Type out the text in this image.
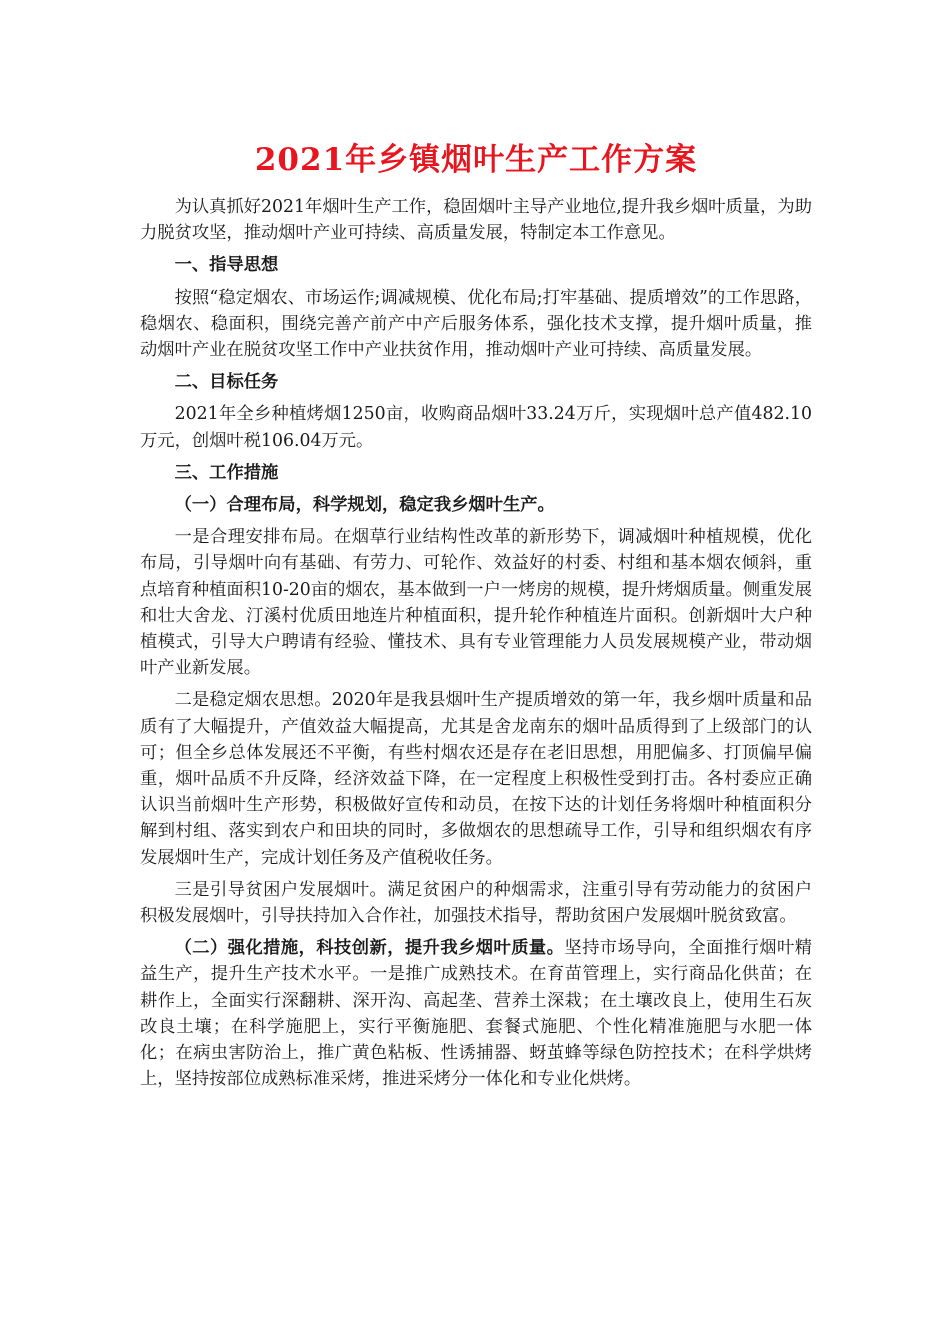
2021年乡镇烟叶生产工作方案

为认真抓好2021年烟叶生产工作，稳固烟叶主导产业地位,提升我乡烟叶质量，为助力脱贫攻坚，推动烟叶产业可持续、高质量发展，特制定本工作意见。

一、指导思想

按照“稳定烟农、市场运作;调减规模、优化布局;打牢基础、提质增效”的工作思路，稳烟农、稳面积，围绕完善产前产中产后服务体系，强化技术支撑，提升烟叶质量，推动烟叶产业在脱贫攻坚工作中产业扶贫作用，推动烟叶产业可持续、高质量发展。

二、目标任务

2021年全乡种植烤烟1250亩，收购商品烟叶33.24万斤，实现烟叶总产值482.10万元，创烟叶税106.04万元。

三、工作措施

（一）合理布局，科学规划，稳定我乡烟叶生产。

一是合理安排布局。在烟草行业结构性改革的新形势下，调减烟叶种植规模，优化布局，引导烟叶向有基础、有劳力、可轮作、效益好的村委、村组和基本烟农倾斜，重点培育种植面积10-20亩的烟农，基本做到一户一烤房的规模，提升烤烟质量。侧重发展和壮大舍龙、汀溪村优质田地连片种植面积，提升轮作种植连片面积。创新烟叶大户种植模式，引导大户聘请有经验、懂技术、具有专业管理能力人员发展规模产业，带动烟叶产业新发展。

二是稳定烟农思想。2020年是我县烟叶生产提质增效的第一年，我乡烟叶质量和品质有了大幅提升，产值效益大幅提高，尤其是舍龙南东的烟叶品质得到了上级部门的认可；但全乡总体发展还不平衡，有些村烟农还是存在老旧思想，用肥偏多、打顶偏早偏重，烟叶品质不升反降，经济效益下降，在一定程度上积极性受到打击。各村委应正确认识当前烟叶生产形势，积极做好宣传和动员，在按下达的计划任务将烟叶种植面积分解到村组、落实到农户和田块的同时，多做烟农的思想疏导工作，引导和组织烟农有序发展烟叶生产，完成计划任务及产值税收任务。

三是引导贫困户发展烟叶。满足贫困户的种烟需求，注重引导有劳动能力的贫困户积极发展烟叶，引导扶持加入合作社，加强技术指导，帮助贫困户发展烟叶脱贫致富。

（二）强化措施，科技创新，提升我乡烟叶质量。坚持市场导向，全面推行烟叶精益生产，提升生产技术水平。一是推广成熟技术。在育苗管理上，实行商品化供苗；在耕作上，全面实行深翻耕、深开沟、高起垄、营养土深栽；在土壤改良上，使用生石灰改良土壤；在科学施肥上，实行平衡施肥、套餐式施肥、个性化精准施肥与水肥一体化；在病虫害防治上，推广黄色粘板、性诱捕器、蚜茧蜂等绿色防控技术；在科学烘烤上，坚持按部位成熟标准采烤，推进采烤分一体化和专业化烘烤。
